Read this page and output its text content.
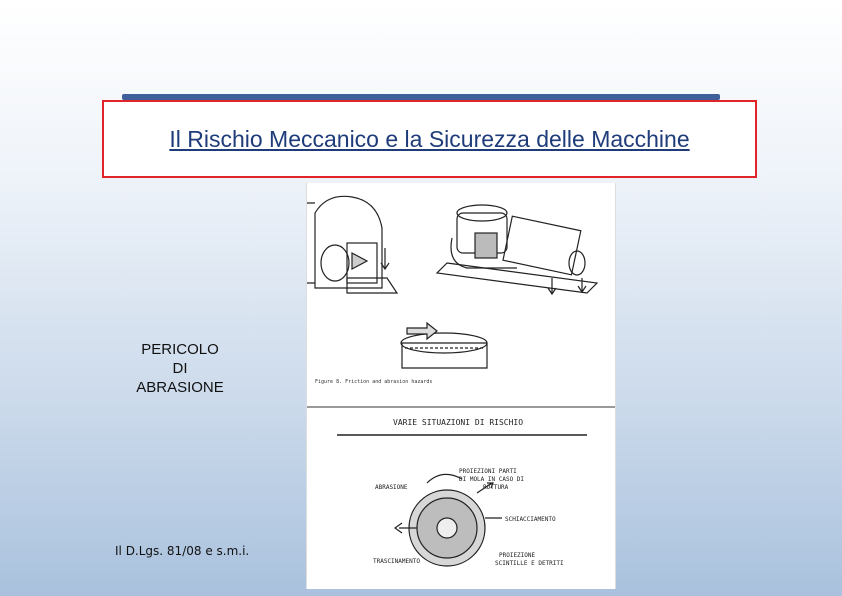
Il Rischio Meccanico e la Sicurezza delle Macchine
PERICOLO
DI
ABRASIONE
Il D.Lgs. 81/08 e s.m.i.
Figure 8. Friction and abrasion hazards
VARIE SITUAZIONI DI RISCHIO
PROIEZIONI PARTI
DI MOLA IN CASO DI
ROTTURA
ABRASIONE
SCHIACCIAMENTO
TRASCINAMENTO
PROIEZIONE
SCINTILLE E DETRITI
